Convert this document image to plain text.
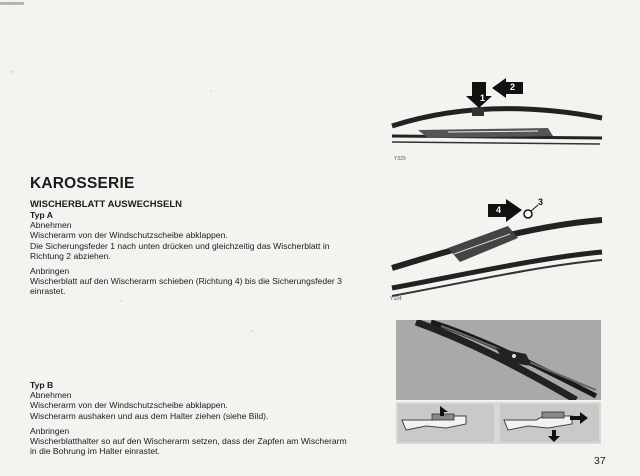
KAROSSERIE
WISCHERBLATT AUSWECHSELN

Typ A

Abnehmen

Wischerarm von der Windschutzscheibe abklappen.

Die Sicherungsfeder 1 nach unten drücken und gleichzeitig das Wischerblatt in

Richtung 2 abziehen.

Anbringen

Wischerblatt auf den Wischerarm schieben (Richtung 4) bis die Sicherungsfeder 3

einrastet.

Typ B

Abnehmen

Wischerarm von der Windschutzscheibe abklappen.

Wischerarm aushaken und aus dem Halter ziehen (siehe Bild).

Anbringen

Wischerblatthalter so auf den Wischerarm setzen, dass der Zapfen am Wischerarm

in die Bohrung im Halter einrastet.

1
2
Y329
4
3
Y324
37
